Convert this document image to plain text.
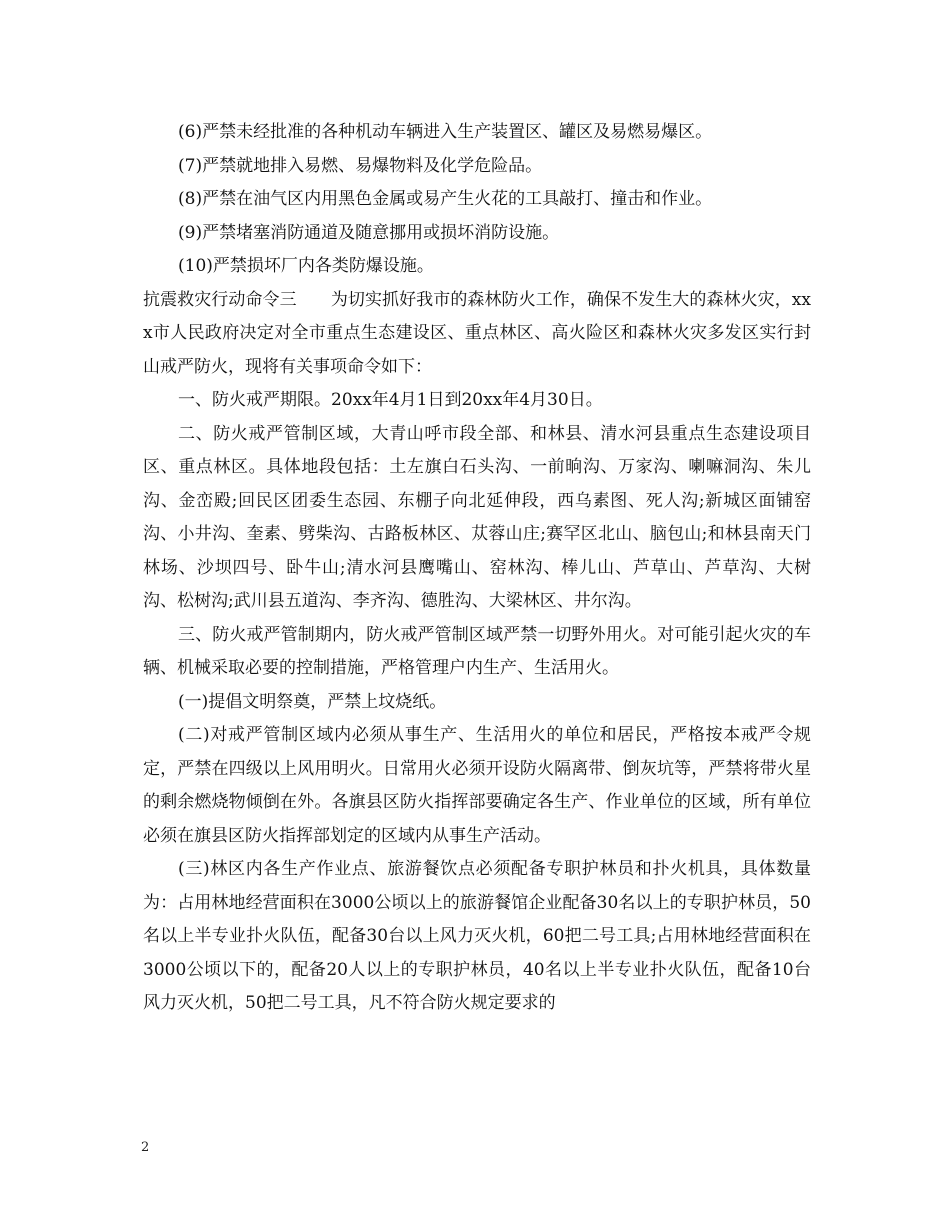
(6)严禁未经批准的各种机动车辆进入生产装置区、罐区及易燃易爆区。

(7)严禁就地排入易燃、易爆物料及化学危险品。

(8)严禁在油气区内用黑色金属或易产生火花的工具敲打、撞击和作业。

(9)严禁堵塞消防通道及随意挪用或损坏消防设施。

(10)严禁损坏厂内各类防爆设施。

抗震救灾行动命令三　　为切实抓好我市的森林防火工作，确保不发生大的森林火灾，xxx市人民政府决定对全市重点生态建设区、重点林区、高火险区和森林火灾多发区实行封山戒严防火，现将有关事项命令如下：

一、防火戒严期限。20xx年4月1日到20xx年4月30日。

二、防火戒严管制区域，大青山呼市段全部、和林县、清水河县重点生态建设项目区、重点林区。具体地段包括：土左旗白石头沟、一前晌沟、万家沟、喇嘛洞沟、朱儿沟、金峦殿;回民区团委生态园、东棚子向北延伸段，西乌素图、死人沟;新城区面铺窑沟、小井沟、奎素、劈柴沟、古路板林区、苁蓉山庄;赛罕区北山、脑包山;和林县南天门林场、沙坝四号、卧牛山;清水河县鹰嘴山、窑林沟、棒儿山、芦草山、芦草沟、大树沟、松树沟;武川县五道沟、李齐沟、德胜沟、大梁林区、井尔沟。

三、防火戒严管制期内，防火戒严管制区域严禁一切野外用火。对可能引起火灾的车辆、机械采取必要的控制措施，严格管理户内生产、生活用火。

(一)提倡文明祭奠，严禁上坟烧纸。

(二)对戒严管制区域内必须从事生产、生活用火的单位和居民，严格按本戒严令规定，严禁在四级以上风用明火。日常用火必须开设防火隔离带、倒灰坑等，严禁将带火星的剩余燃烧物倾倒在外。各旗县区防火指挥部要确定各生产、作业单位的区域，所有单位必须在旗县区防火指挥部划定的区域内从事生产活动。

(三)林区内各生产作业点、旅游餐饮点必须配备专职护林员和扑火机具，具体数量为：占用林地经营面积在3000公顷以上的旅游餐馆企业配备30名以上的专职护林员，50名以上半专业扑火队伍，配备30台以上风力灭火机，60把二号工具;占用林地经营面积在3000公顷以下的，配备20人以上的专职护林员，40名以上半专业扑火队伍，配备10台风力灭火机，50把二号工具，凡不符合防火规定要求的

2
